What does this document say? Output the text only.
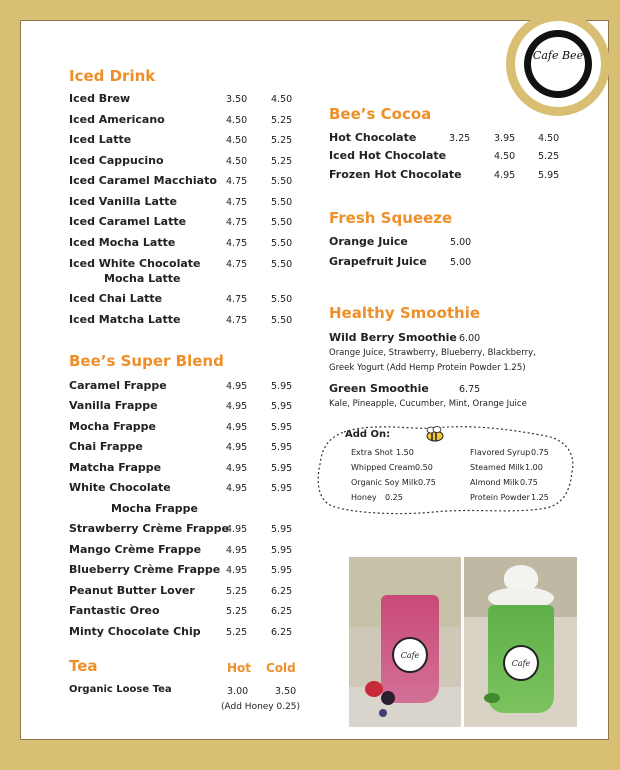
Cafe Bee
Iced Drink
Iced Brew	3.50	4.50
Iced Americano	4.50	5.25
Iced Latte	4.50	5.25
Iced Cappucino	4.50	5.25
Iced Caramel Macchiato 4.75	5.50
Iced Vanilla Latte	4.75	5.50
Iced Caramel Latte	4.75	5.50
Iced Mocha Latte	4.75	5.50
Iced White Chocolate
Mocha Latte
4.75	5.50
Iced Chai Latte	4.75	5.50
Iced Matcha Latte	4.75	5.50
Bee’s Super Blend
Caramel Frappe	4.95	5.95
Vanilla Frappe	4.95	5.95
Mocha Frappe	4.95	5.95
Chai Frappe	4.95	5.95
Matcha Frappe	4.95	5.95
White Chocolate
Mocha Frappe
4.95	5.95
Strawberry Crème Frappe
4.95	5.95
Mango Crème Frappe	4.95	5.95
Blueberry Crème Frappe 4.95	5.95
Peanut Butter Lover	5.25	6.25
Fantastic Oreo	5.25	6.25
Minty Chocolate Chip	5.25	6.25
Tea	Hot Cold
Organic Loose Tea	3.00	3.50
(Add Honey 0.25)
Bee’s Cocoa
Hot Chocolate	3.25	3.95 4.50
Iced Hot Chocolate	4.50 5.25
Frozen Hot Chocolate	4.95 5.95
Fresh Squeeze
Orange Juice	5.00
Grapefruit Juice 5.00
Healthy Smoothie
Wild Berry Smoothie 6.00
Orange Juice, Strawberry, Blueberry, Blackberry,
Greek Yogurt (Add Hemp Protein Powder 1.25)
Green Smoothie	6.75
Kale, Pineapple, Cucumber, Mint, Orange Juice
Add On:
Extra Shot 1.50
Whipped Cream 0.50
Organic Soy Milk 0.75
Honey 0.25
Flavored Syrup 0.75
Steamed Milk 1.00
Almond Milk 0.75
Protein Powder 1.25
Cafe
Cafe
